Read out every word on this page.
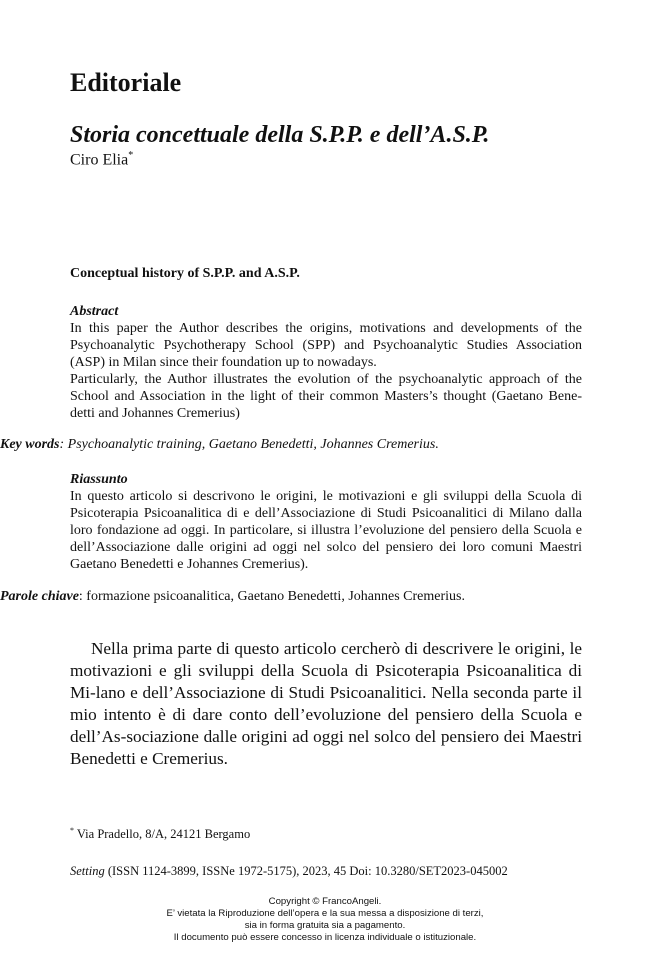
Editoriale
Storia concettuale della S.P.P. e dell’A.S.P.
Ciro Elia*
Conceptual history of S.P.P. and A.S.P.
Abstract

In this paper the Author describes the origins, motivations and developments of the Psychoanalytic Psychotherapy School (SPP) and Psychoanalytic Studies Association (ASP) in Milan since their foundation up to nowadays.

Particularly, the Author illustrates the evolution of the psychoanalytic approach of the School and Association in the light of their common Masters’s thought (Gaetano Bene-detti and Johannes Cremerius)

Key words: Psychoanalytic training, Gaetano Benedetti, Johannes Cremerius.
Riassunto

In questo articolo si descrivono le origini, le motivazioni e gli sviluppi della Scuola di Psicoterapia Psicoanalitica di e dell’Associazione di Studi Psicoanalitici di Milano dalla loro fondazione ad oggi. In particolare, si illustra l’evoluzione del pensiero della Scuola e dell’Associazione dalle origini ad oggi nel solco del pensiero dei loro comuni Maestri Gaetano Benedetti e Johannes Cremerius).

Parole chiave: formazione psicoanalitica, Gaetano Benedetti, Johannes Cremerius.

Nella prima parte di questo articolo cercherò di descrivere le origini, le motivazioni e gli sviluppi della Scuola di Psicoterapia Psicoanalitica di Mi-lano e dell’Associazione di Studi Psicoanalitici. Nella seconda parte il mio intento è di dare conto dell’evoluzione del pensiero della Scuola e dell’As-sociazione dalle origini ad oggi nel solco del pensiero dei Maestri Benedetti e Cremerius.

* Via Pradello, 8/A, 24121 Bergamo
Setting (ISSN 1124-3899, ISSNe 1972-5175), 2023, 45 Doi: 10.3280/SET2023-045002
Copyright © FrancoAngeli.
E’ vietata la Riproduzione dell’opera e la sua messa a disposizione di terzi,
sia in forma gratuita sia a pagamento.
Il documento può essere concesso in licenza individuale o istituzionale.
